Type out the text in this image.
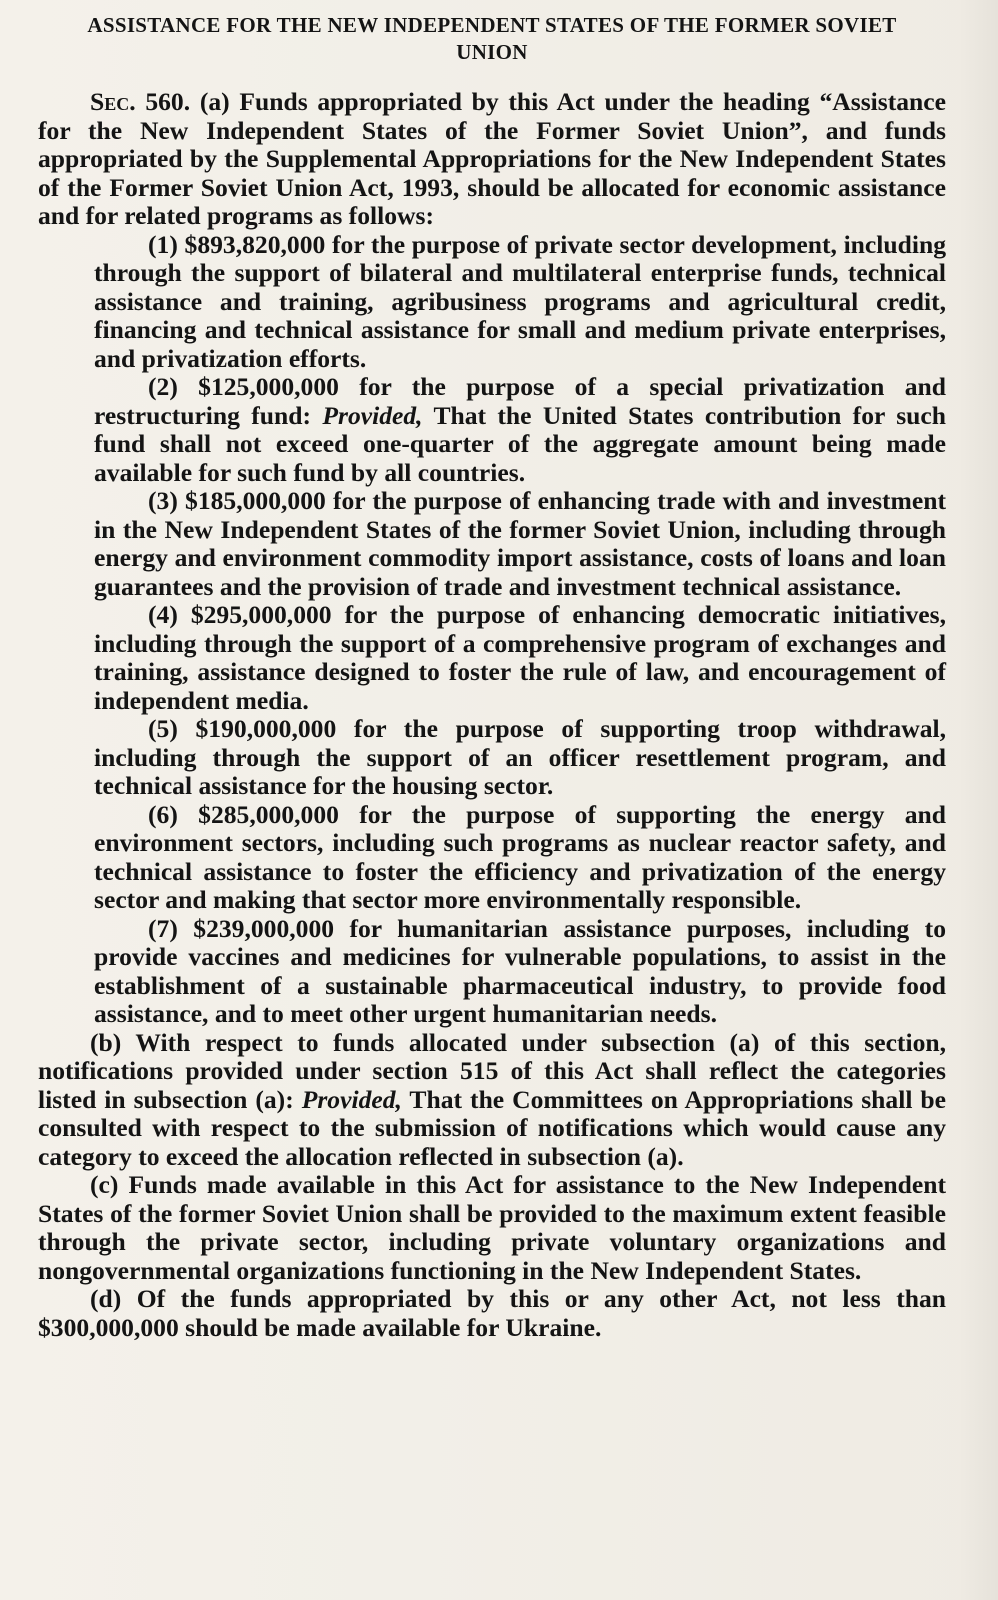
ASSISTANCE FOR THE NEW INDEPENDENT STATES OF THE FORMER SOVIET UNION

Sec. 560. (a) Funds appropriated by this Act under the heading “Assistance for the New Independent States of the Former Soviet Union”, and funds appropriated by the Supplemental Appropriations for the New Independent States of the Former Soviet Union Act, 1993, should be allocated for economic assistance and for related programs as follows:

(1) $893,820,000 for the purpose of private sector development, including through the support of bilateral and multilateral enterprise funds, technical assistance and training, agribusiness programs and agricultural credit, financing and technical assistance for small and medium private enterprises, and privatization efforts.

(2) $125,000,000 for the purpose of a special privatization and restructuring fund: Provided, That the United States contribution for such fund shall not exceed one-quarter of the aggregate amount being made available for such fund by all countries.

(3) $185,000,000 for the purpose of enhancing trade with and investment in the New Independent States of the former Soviet Union, including through energy and environment commodity import assistance, costs of loans and loan guarantees and the provision of trade and investment technical assistance.

(4) $295,000,000 for the purpose of enhancing democratic initiatives, including through the support of a comprehensive program of exchanges and training, assistance designed to foster the rule of law, and encouragement of independent media.

(5) $190,000,000 for the purpose of supporting troop withdrawal, including through the support of an officer resettlement program, and technical assistance for the housing sector.

(6) $285,000,000 for the purpose of supporting the energy and environment sectors, including such programs as nuclear reactor safety, and technical assistance to foster the efficiency and privatization of the energy sector and making that sector more environmentally responsible.

(7) $239,000,000 for humanitarian assistance purposes, including to provide vaccines and medicines for vulnerable populations, to assist in the establishment of a sustainable pharmaceutical industry, to provide food assistance, and to meet other urgent humanitarian needs.

(b) With respect to funds allocated under subsection (a) of this section, notifications provided under section 515 of this Act shall reflect the categories listed in subsection (a): Provided, That the Committees on Appropriations shall be consulted with respect to the submission of notifications which would cause any category to exceed the allocation reflected in subsection (a).

(c) Funds made available in this Act for assistance to the New Independent States of the former Soviet Union shall be provided to the maximum extent feasible through the private sector, including private voluntary organizations and nongovernmental organizations functioning in the New Independent States.

(d) Of the funds appropriated by this or any other Act, not less than $300,000,000 should be made available for Ukraine.
